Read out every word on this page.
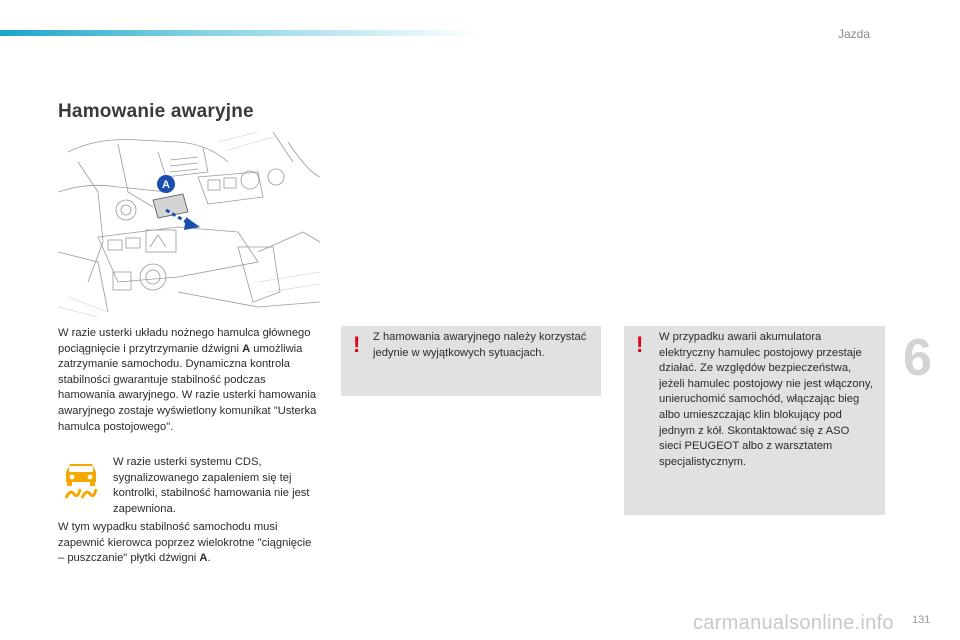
Jazda
Hamowanie awaryjne
A

W razie usterki układu nożnego hamulca głównego pociągnięcie i przytrzymanie dźwigni A umożliwia zatrzymanie samochodu. Dynamiczna kontrola stabilności gwarantuje stabilność podczas hamowania awaryjnego. W razie usterki hamowania awaryjnego zostaje wyświetlony komunikat "Usterka hamulca postojowego".

W razie usterki systemu CDS, sygnalizowanego zapaleniem się tej kontrolki, stabilność hamowania nie jest zapewniona.

W tym wypadku stabilność samochodu musi zapewnić kierowca poprzez wielokrotne "ciągnięcie – puszczanie" płytki dźwigni A.

! Z hamowania awaryjnego należy korzystać jedynie w wyjątkowych sytuacjach.	! W przypadku awarii akumulatora elektryczny hamulec postojowy przestaje działać. Ze względów bezpieczeństwa, jeżeli hamulec postojowy nie jest włączony, unieruchomić samochód, włączając bieg albo umieszczając klin blokujący pod jednym z kół. Skontaktować się z ASO sieci PEUGEOT albo z warsztatem specjalistycznym.

6
131
carmanualsonline.info
